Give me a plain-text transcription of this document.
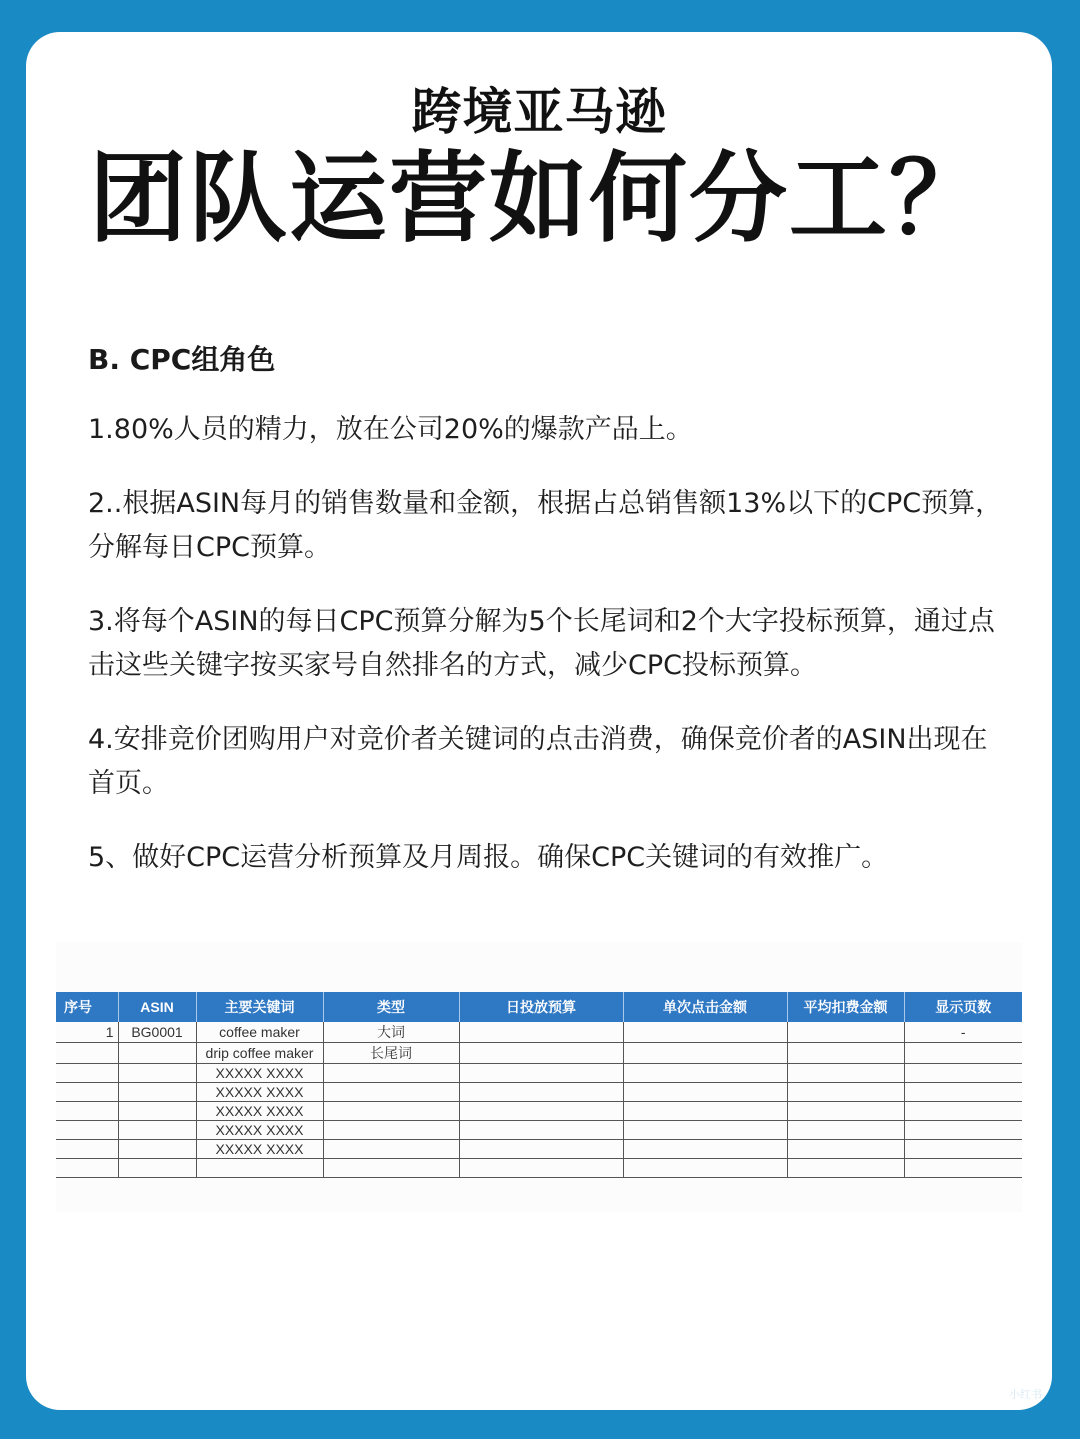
跨境亚马逊
团队运营如何分工？
B. CPC组角色

1.80%人员的精力，放在公司20%的爆款产品上。

2..根据ASIN每月的销售数量和金额，根据占总销售额13%以下的CPC预算，分解每日CPC预算。

3.将每个ASIN的每日CPC预算分解为5个长尾词和2个大字投标预算，通过点击这些关键字按买家号自然排名的方式，减少CPC投标预算。

4.安排竞价团购用户对竞价者关键词的点击消费，确保竞价者的ASIN出现在首页。

5、做好CPC运营分析预算及月周报。确保CPC关键词的有效推广。

序号	ASIN	主要关键词	类型	日投放预算	单次点击金额	平均扣费金额	显示页数
1	BG0001	coffee maker	大词				-
		drip coffee maker	长尾词				
		XXXXX XXXX					
		XXXXX XXXX					
		XXXXX XXXX					
		XXXXX XXXX					
		XXXXX XXXX					

小红书
